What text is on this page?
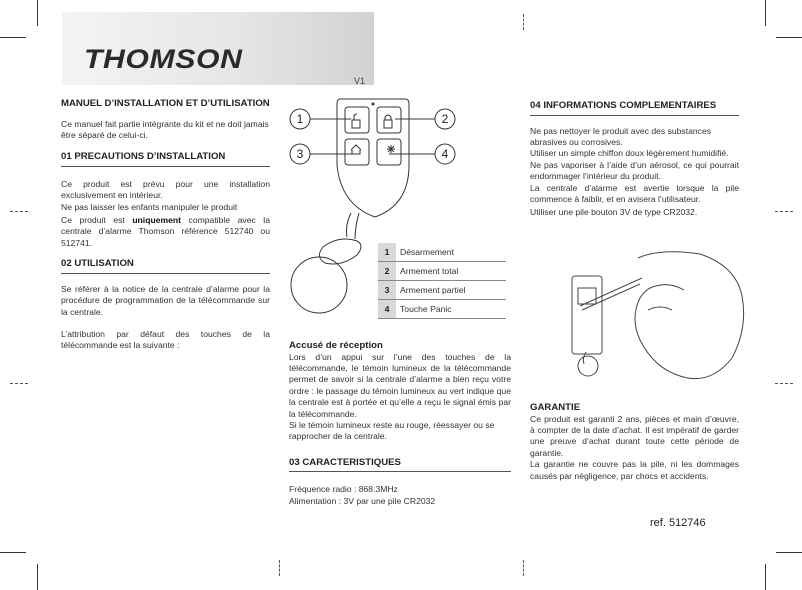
THOMSON
V1
MANUEL D’INSTALLATION ET D’UTILISATION
Ce manuel fait partie intégrante du kit et ne doit jamais être séparé de celui-ci.
01 PRECAUTIONS D’INSTALLATION
Ce produit est prévu pour une installation exclusivement en intérieur.
Ne pas laisser les enfants manipuler le produit
Ce produit est uniquement compatible avec la centrale d’alarme Thomson référence 512740 ou 512741.
02 UTILISATION
Se référer à la notice de la centrale d’alarme pour la procédure de programmation de la télécommande sur la centrale.
L’attribution par défaut des touches de la télécommande est la suivante :
1	2
3	4
1	Désarmement
2	Armement total
3	Armement partiel
4	Touche Panic
Accusé de réception
Lors d’un appui sur l’une des touches de la télécommande, le témoin lumineux de la télécommande permet de savoir si la centrale d’alarme a bien reçu votre ordre : le passage du témoin lumineux au vert indique que la centrale est à portée et qu’elle a reçu le signal émis par la télécommande.
Si le témoin lumineux reste au rouge, réessayer ou se rapprocher de la centrale.
03 CARACTERISTIQUES
Fréquence radio : 868.3MHz
Alimentation : 3V par une pile CR2032
04 INFORMATIONS COMPLEMENTAIRES
Ne pas nettoyer le produit avec des substances abrasives ou corrosives.
Utiliser un simple chiffon doux légèrement humidifié.
Ne pas vaporiser à l’aide d’un aérosol, ce qui pourrait endommager l’intérieur du produit.
La centrale d’alarme est avertie lorsque la pile commence à faiblir, et en avisera l’utilisateur.
Utiliser une pile bouton 3V de type CR2032.
GARANTIE
Ce produit est garanti 2 ans, pièces et main d’œuvre, à compter de la date d’achat. Il est impératif de garder une preuve d’achat durant toute cette période de garantie.
La garantie ne couvre pas la pile, ni les dommages causés par négligence, par chocs et accidents.
ref. 512746
